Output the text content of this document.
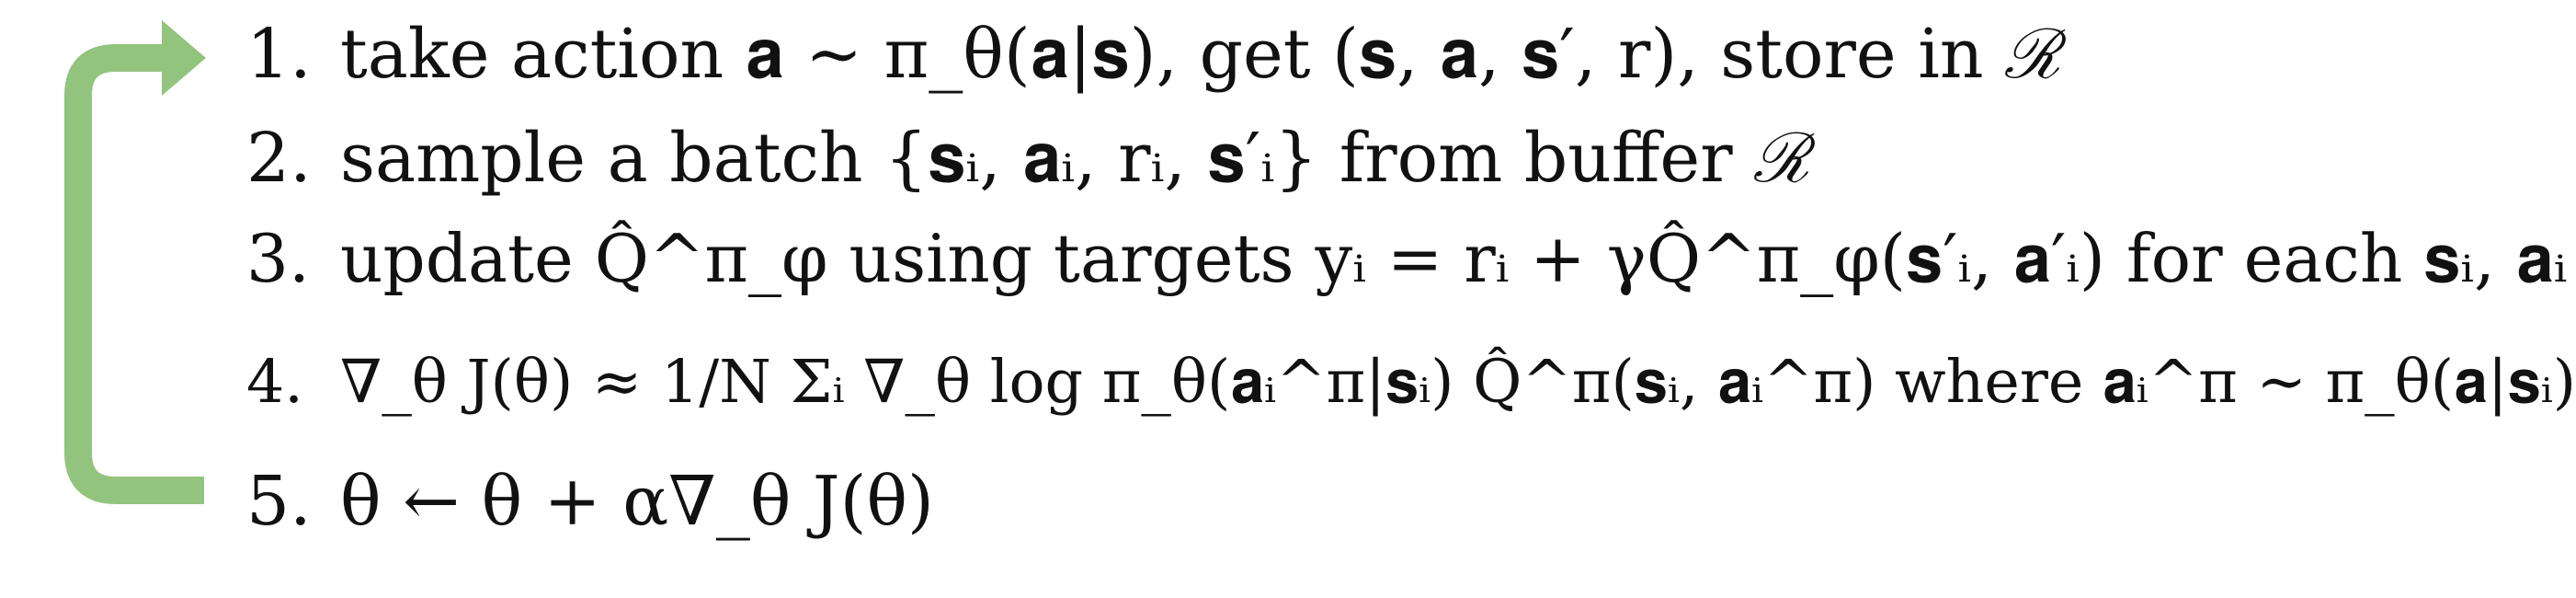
1. take action 𝐚 ∼ π_θ(𝐚|𝐬), get (𝐬, 𝐚, 𝐬′, r), store in ℛ
2. sample a batch {𝐬ᵢ, 𝐚ᵢ, rᵢ, 𝐬′ᵢ} from buffer ℛ
3. update Q̂^π_φ using targets yᵢ = rᵢ + γQ̂^π_φ(𝐬′ᵢ, 𝐚′ᵢ) for each 𝐬ᵢ, 𝐚ᵢ
4. ∇_θ J(θ) ≈ 1/N Σᵢ ∇_θ log π_θ(𝐚ᵢ^π|𝐬ᵢ) Q̂^π(𝐬ᵢ, 𝐚ᵢ^π) where 𝐚ᵢ^π ∼ π_θ(𝐚|𝐬ᵢ)
5. θ ← θ + α∇_θ J(θ)
